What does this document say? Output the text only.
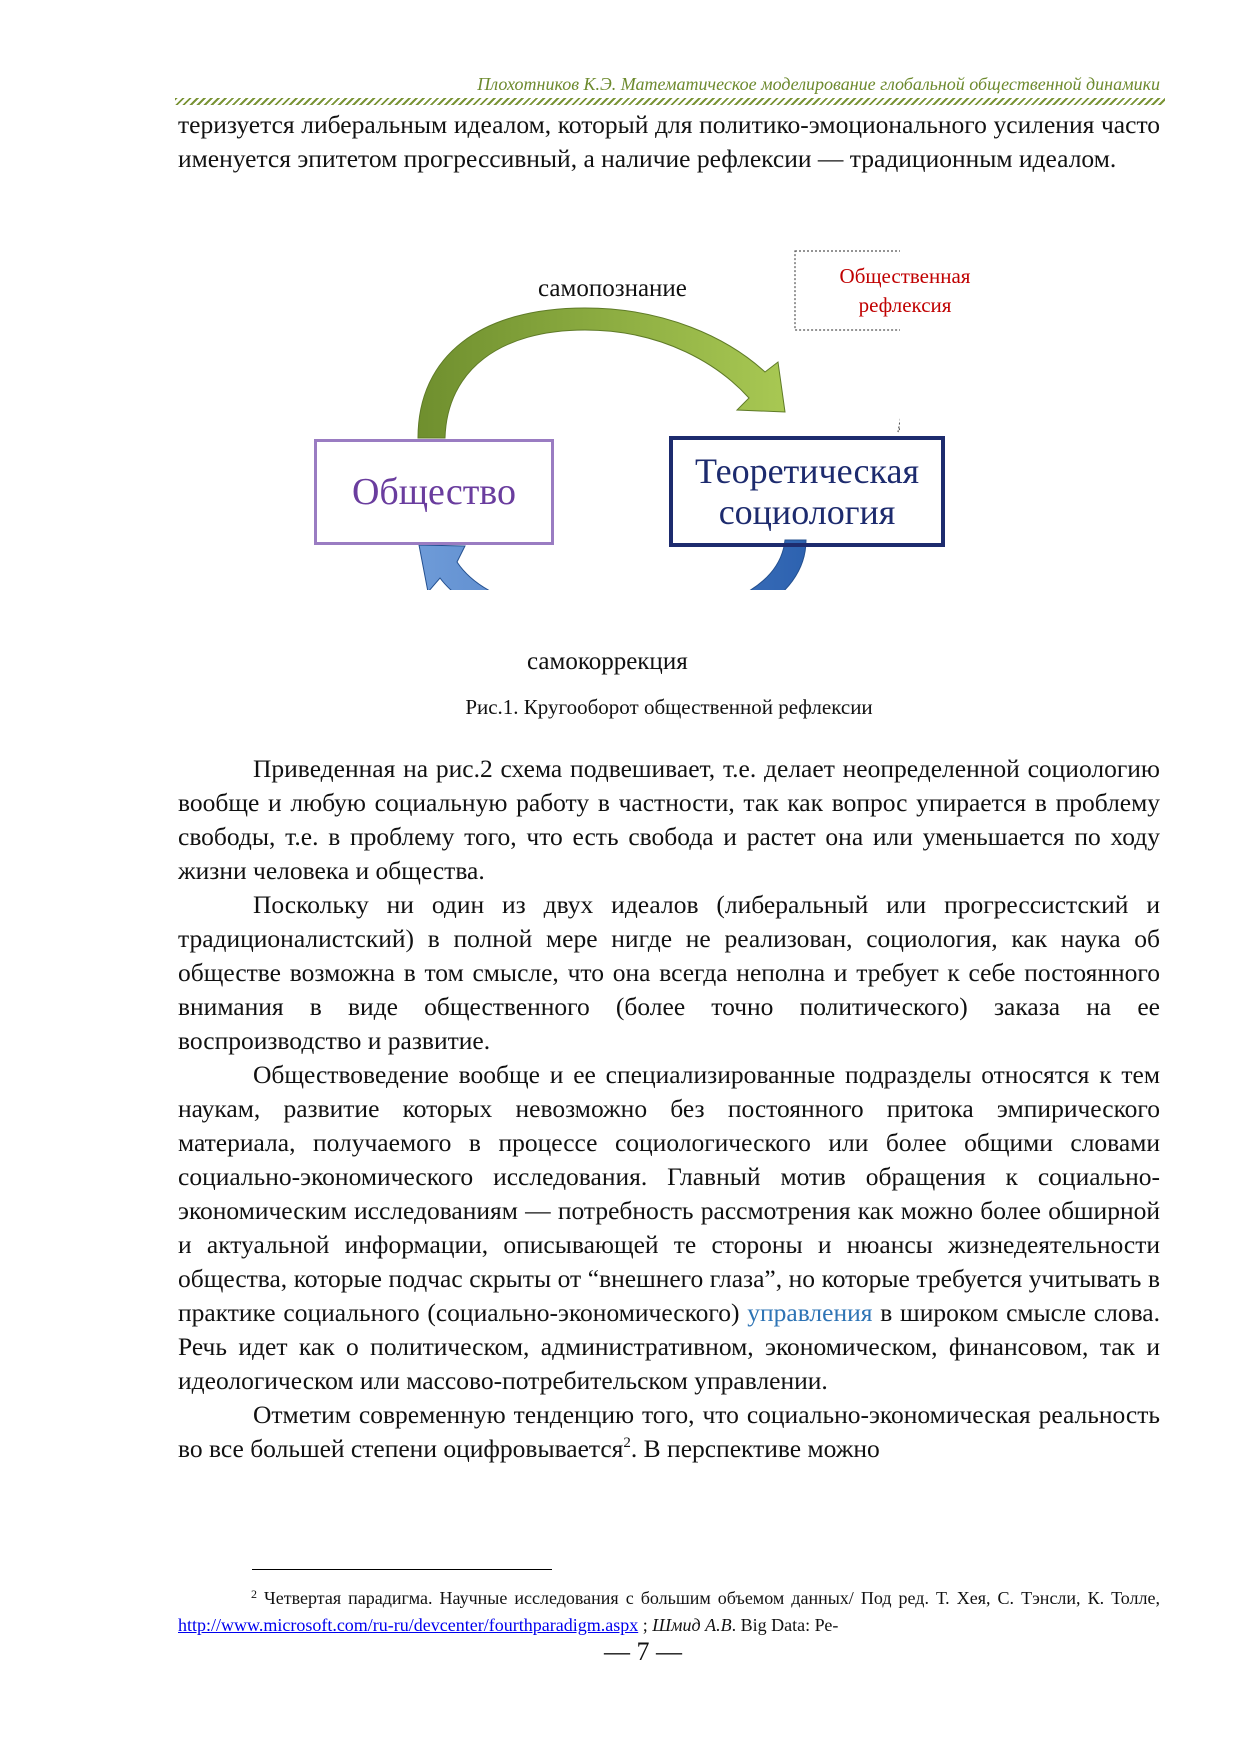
Плохотников К.Э. Математическое моделирование глобальной общественной динамики

теризуется либеральным идеалом, который для политико-эмоционального усиления часто именуется эпитетом прогрессивный, а наличие рефлексии — традиционным идеалом.

Общественная
рефлексия
самопознание
самокоррекция
Общество
Теоретическая
социология
Рис.1. Кругооборот общественной рефлексии

Приведенная на рис.2 схема подвешивает, т.е. делает неопределенной социологию вообще и любую социальную работу в частности, так как вопрос упирается в проблему свободы, т.е. в проблему того, что есть свобода и растет она или уменьшается по ходу жизни человека и общества.

Поскольку ни один из двух идеалов (либеральный или прогрессистский и традиционалистский) в полной мере нигде не реализован, социология, как наука об обществе возможна в том смысле, что она всегда неполна и требует к себе постоянного внимания в виде общественного (более точно политического) заказа на ее воспроизводство и развитие.

Обществоведение вообще и ее специализированные подразделы относятся к тем наукам, развитие которых невозможно без постоянного притока эмпирического материала, получаемого в процессе социологического или более общими словами социально-экономического исследования. Главный мотив обращения к социально-экономическим исследованиям — потребность рассмотрения как можно более обширной и актуальной информации, описывающей те стороны и нюансы жизнедеятельности общества, которые подчас скрыты от “внешнего глаза”, но которые требуется учитывать в практике социального (социально-экономического) управления в широком смысле слова. Речь идет как о политическом, административном, экономическом, финансовом, так и идеологическом или массово-потребительском управлении.

Отметим современную тенденцию того, что социально-экономическая реальность во все большей степени оцифровывается$^2$. В перспективе можно

$^2$ Четвертая парадигма. Научные исследования с большим объемом данных/ Под ред. Т. Хея, С. Тэнсли, К. Толле, http://www.microsoft.com/ru-ru/devcenter/fourthparadigm.aspx ; Шмид А.В. Big Data: Ре-

— 7 —
